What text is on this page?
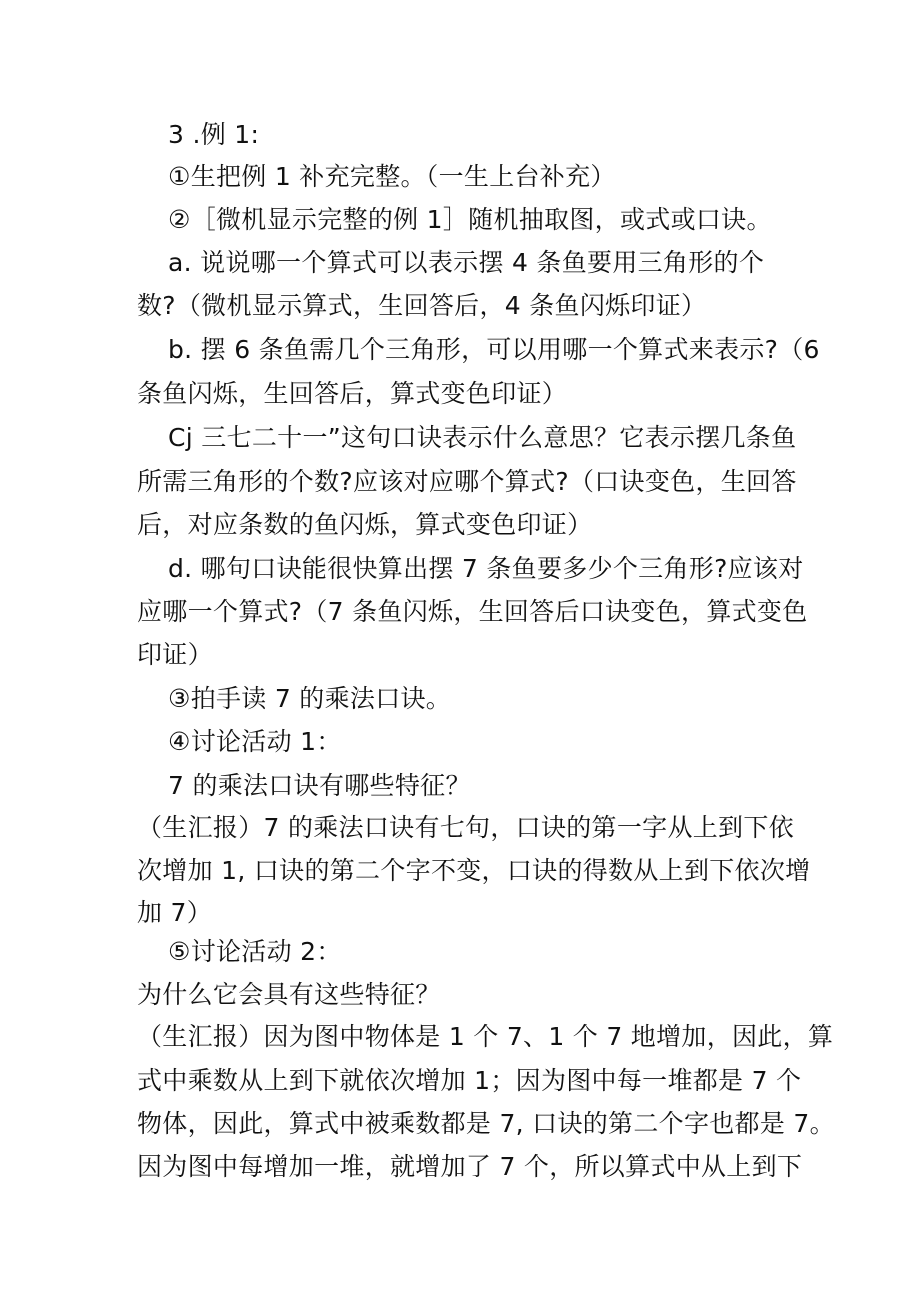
3 .例 1:
①生把例 1 补充完整。（一生上台补充）
②［微机显示完整的例 1］随机抽取图，或式或口诀。
a. 说说哪一个算式可以表示摆 4 条鱼要用三角形的个
数?（微机显示算式，生回答后，4 条鱼闪烁印证）
b. 摆 6 条鱼需几个三角形，可以用哪一个算式来表示?（6
条鱼闪烁，生回答后，算式变色印证）
Cj 三七二十一”这句口诀表示什么意思？它表示摆几条鱼
所需三角形的个数?应该对应哪个算式?（口诀变色，生回答
后，对应条数的鱼闪烁，算式变色印证）
d. 哪句口诀能很快算出摆 7 条鱼要多少个三角形?应该对
应哪一个算式?（7 条鱼闪烁，生回答后口诀变色，算式变色
印证）
③拍手读 7 的乘法口诀。
④讨论活动 1：
7 的乘法口诀有哪些特征？
（生汇报）7 的乘法口诀有七句，口诀的第一字从上到下依
次增加 1, 口诀的第二个字不变，口诀的得数从上到下依次增
加 7）
⑤讨论活动 2：
为什么它会具有这些特征？
（生汇报）因为图中物体是 1 个 7、1 个 7 地增加，因此，算
式中乘数从上到下就依次增加 1；因为图中每一堆都是 7 个
物体，因此，算式中被乘数都是 7, 口诀的第二个字也都是 7。
因为图中每增加一堆，就增加了 7 个，所以算式中从上到下
